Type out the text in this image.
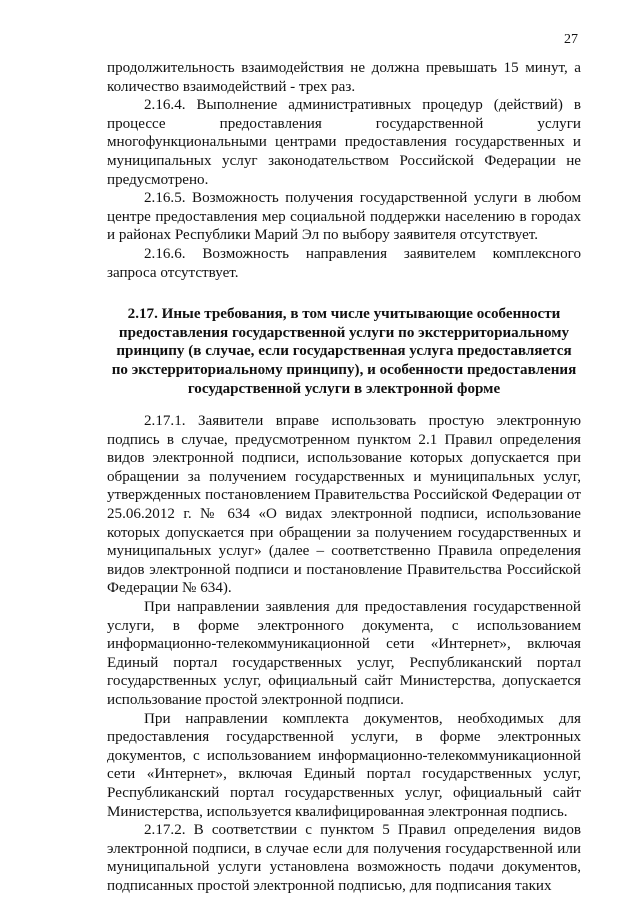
27

продолжительность взаимодействия не должна превышать 15 минут, а количество взаимодействий - трех раз.

2.16.4. Выполнение административных процедур (действий) в процессе предоставления государственной услуги многофункциональными центрами предоставления государственных и муниципальных услуг законодательством Российской Федерации не предусмотрено.

2.16.5. Возможность получения государственной услуги в любом центре предоставления мер социальной поддержки населению в городах и районах Республики Марий Эл по выбору заявителя отсутствует.

2.16.6. Возможность направления заявителем комплексного запроса отсутствует.

2.17. Иные требования, в том числе учитывающие особенности предоставления государственной услуги по экстерриториальному принципу (в случае, если государственная услуга предоставляется по экстерриториальному принципу), и особенности предоставления государственной услуги в электронной форме

2.17.1. Заявители вправе использовать простую электронную подпись в случае, предусмотренном пунктом 2.1 Правил определения видов электронной подписи, использование которых допускается при обращении за получением государственных и муниципальных услуг, утвержденных постановлением Правительства Российской Федерации от 25.06.2012 г. № 634 «О видах электронной подписи, использование которых допускается при обращении за получением государственных и муниципальных услуг» (далее – соответственно Правила определения видов электронной подписи и постановление Правительства Российской Федерации № 634).

При направлении заявления для предоставления государственной услуги, в форме электронного документа, с использованием информационно-телекоммуникационной сети «Интернет», включая Единый портал государственных услуг, Республиканский портал государственных услуг, официальный сайт Министерства, допускается использование простой электронной подписи.

При направлении комплекта документов, необходимых для предоставления государственной услуги, в форме электронных документов, с использованием информационно-телекоммуникационной сети «Интернет», включая Единый портал государственных услуг, Республиканский портал государственных услуг, официальный сайт Министерства, используется квалифицированная электронная подпись.

2.17.2. В соответствии с пунктом 5 Правил определения видов электронной подписи, в случае если для получения государственной или муниципальной услуги установлена возможность подачи документов, подписанных простой электронной подписью, для подписания таких
